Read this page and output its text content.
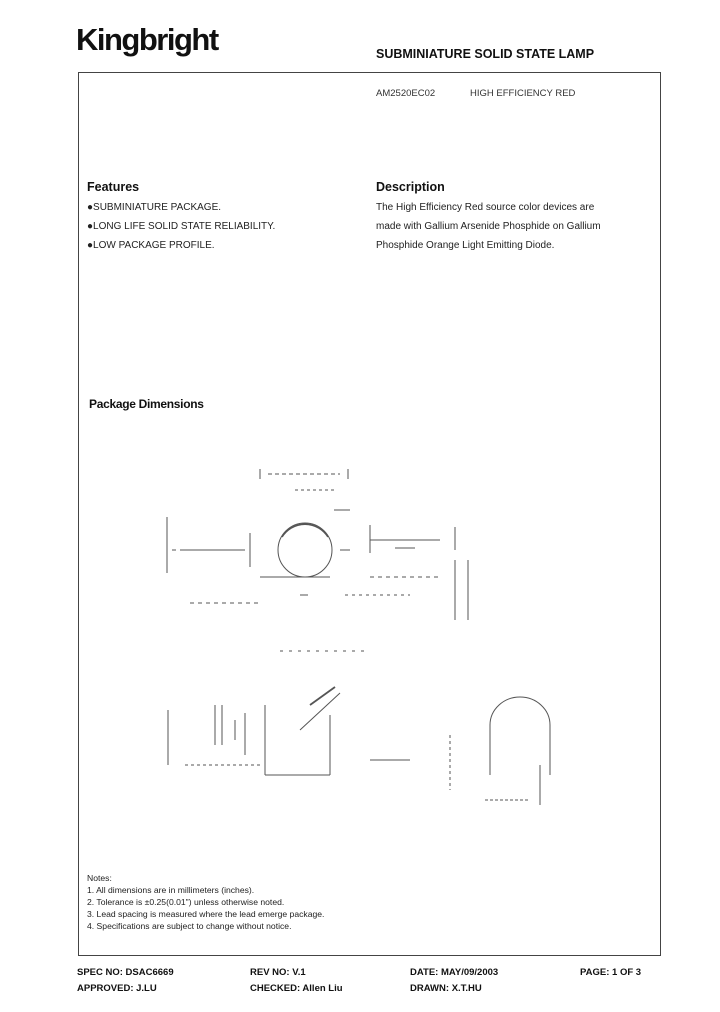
Kingbright	SUBMINIATURE SOLID STATE LAMP
AM2520EC02	HIGH EFFICIENCY RED
Features
●SUBMINIATURE PACKAGE.
●LONG LIFE SOLID STATE RELIABILITY.
●LOW PACKAGE PROFILE.
Description
The High Efficiency Red source color devices are
made with Gallium Arsenide Phosphide on Gallium
Phosphide Orange Light Emitting Diode.
Package Dimensions
Notes:
1. All dimensions are in millimeters (inches).
2. Tolerance is ±0.25(0.01") unless otherwise noted.
3. Lead spacing is measured where the lead emerge package.
4. Specifications are subject to change without notice.
SPEC NO: DSAC6669	REV NO: V.1	DATE: MAY/09/2003	PAGE: 1 OF 3
APPROVED: J.LU	CHECKED: Allen Liu	DRAWN: X.T.HU
